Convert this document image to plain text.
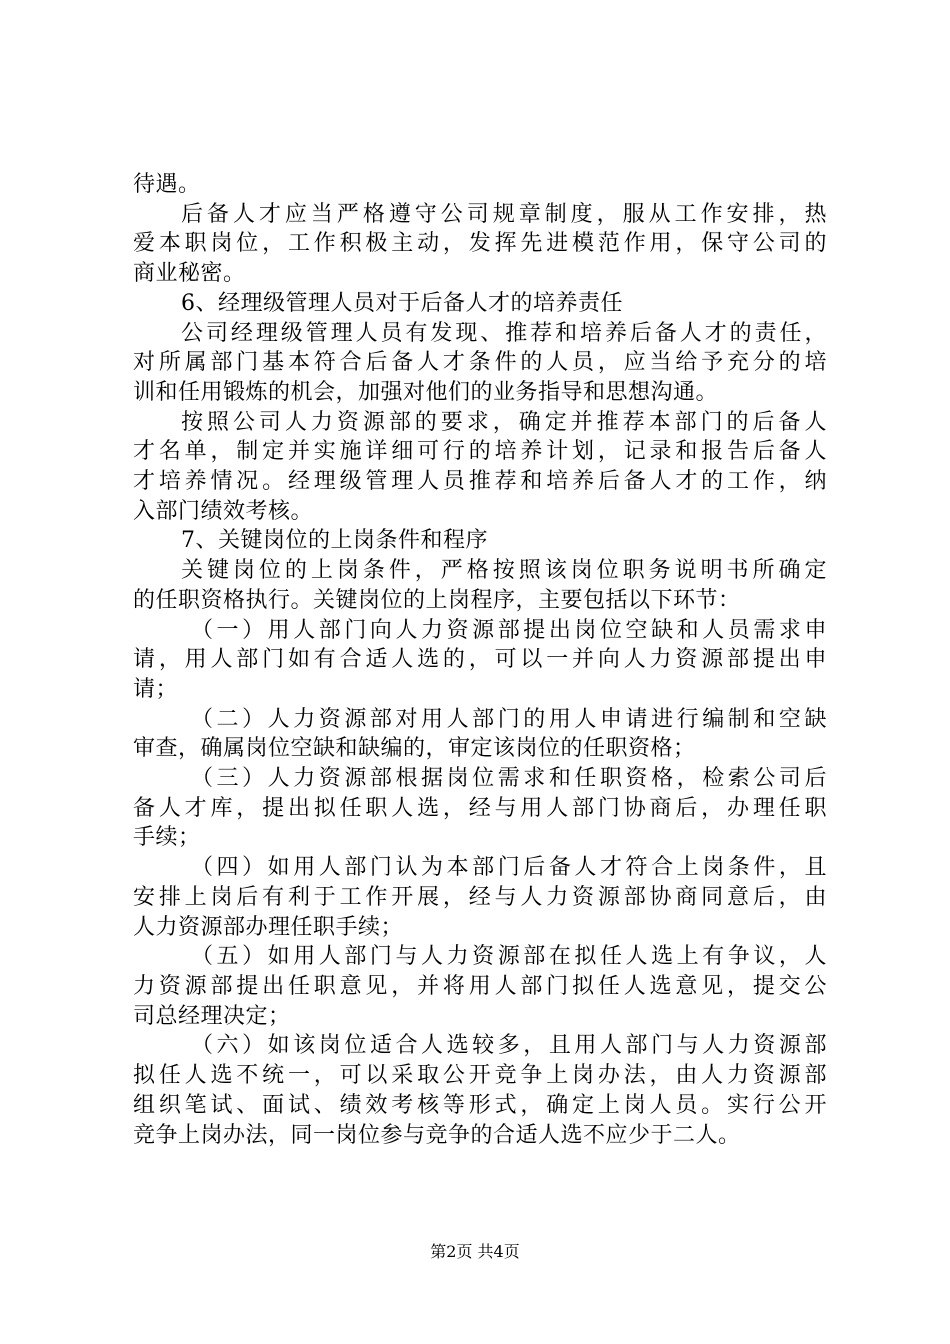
待遇。
后备人才应当严格遵守公司规章制度，服从工作安排，热
爱本职岗位，工作积极主动，发挥先进模范作用，保守公司的
商业秘密。
6、经理级管理人员对于后备人才的培养责任
公司经理级管理人员有发现、推荐和培养后备人才的责任，
对所属部门基本符合后备人才条件的人员，应当给予充分的培
训和任用锻炼的机会，加强对他们的业务指导和思想沟通。
按照公司人力资源部的要求，确定并推荐本部门的后备人
才名单，制定并实施详细可行的培养计划，记录和报告后备人
才培养情况。经理级管理人员推荐和培养后备人才的工作，纳
入部门绩效考核。
7、关键岗位的上岗条件和程序
关键岗位的上岗条件，严格按照该岗位职务说明书所确定
的任职资格执行。关键岗位的上岗程序，主要包括以下环节：
（一）用人部门向人力资源部提出岗位空缺和人员需求申
请，用人部门如有合适人选的，可以一并向人力资源部提出申
请；
（二）人力资源部对用人部门的用人申请进行编制和空缺
审查，确属岗位空缺和缺编的，审定该岗位的任职资格；
（三）人力资源部根据岗位需求和任职资格，检索公司后
备人才库，提出拟任职人选，经与用人部门协商后，办理任职
手续；
（四）如用人部门认为本部门后备人才符合上岗条件，且
安排上岗后有利于工作开展，经与人力资源部协商同意后，由
人力资源部办理任职手续；
（五）如用人部门与人力资源部在拟任人选上有争议，人
力资源部提出任职意见，并将用人部门拟任人选意见，提交公
司总经理决定；
（六）如该岗位适合人选较多，且用人部门与人力资源部
拟任人选不统一，可以采取公开竞争上岗办法，由人力资源部
组织笔试、面试、绩效考核等形式，确定上岗人员。实行公开
竞争上岗办法，同一岗位参与竞争的合适人选不应少于二人。
第2页 共4页
